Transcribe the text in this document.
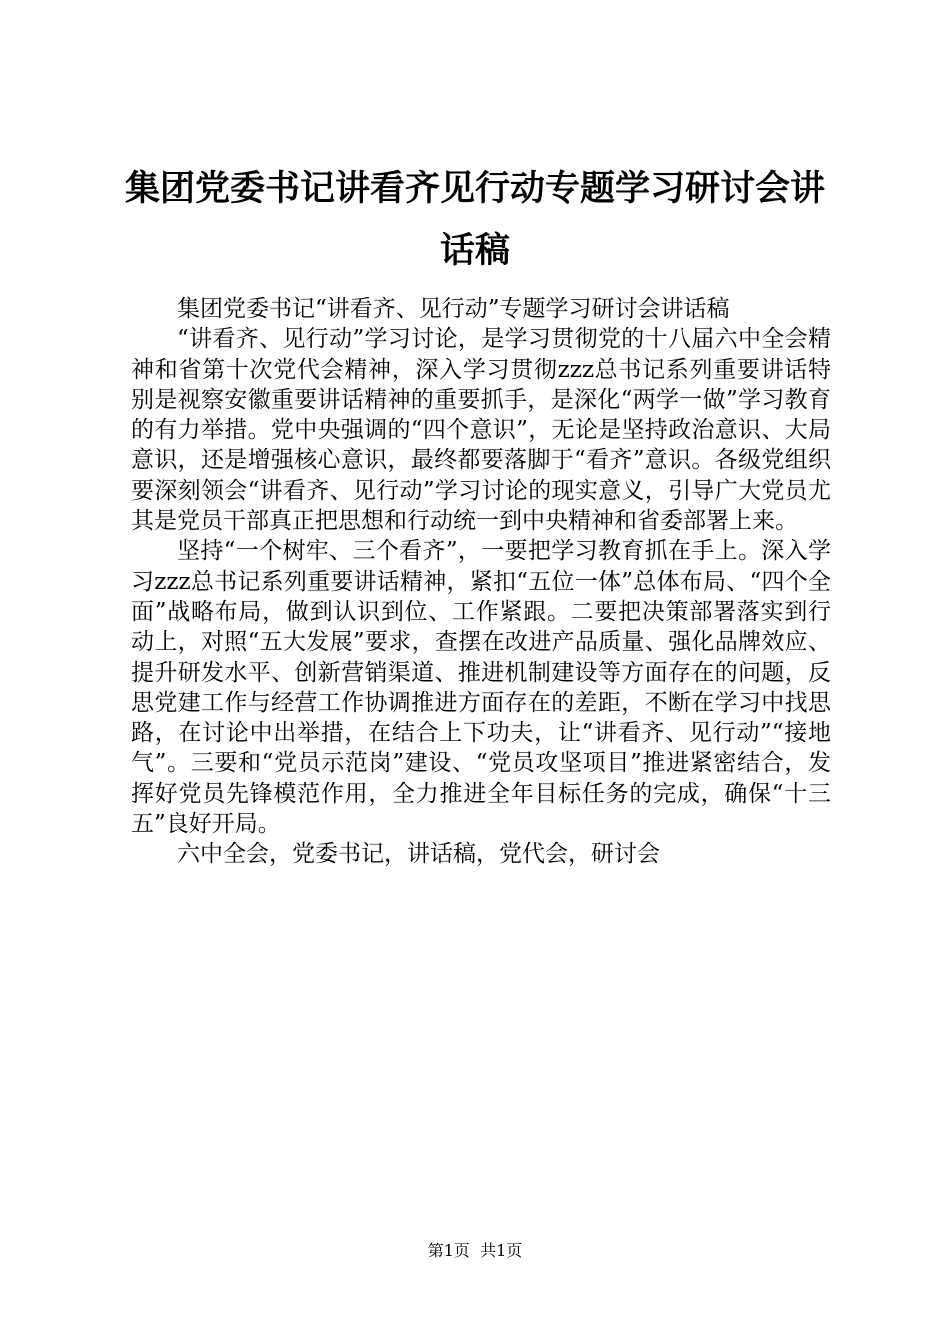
集团党委书记讲看齐见行动专题学习研讨会讲话稿

集团党委书记“讲看齐、见行动”专题学习研讨会讲话稿

“讲看齐、见行动”学习讨论，是学习贯彻党的十八届六中全会精神和省第十次党代会精神，深入学习贯彻zzz总书记系列重要讲话特别是视察安徽重要讲话精神的重要抓手，是深化“两学一做”学习教育的有力举措。党中央强调的“四个意识”，无论是坚持政治意识、大局意识，还是增强核心意识，最终都要落脚于“看齐”意识。各级党组织要深刻领会“讲看齐、见行动”学习讨论的现实意义，引导广大党员尤其是党员干部真正把思想和行动统一到中央精神和省委部署上来。

坚持“一个树牢、三个看齐”，一要把学习教育抓在手上。深入学习zzz总书记系列重要讲话精神，紧扣“五位一体”总体布局、“四个全面”战略布局，做到认识到位、工作紧跟。二要把决策部署落实到行动上，对照“五大发展”要求，查摆在改进产品质量、强化品牌效应、提升研发水平、创新营销渠道、推进机制建设等方面存在的问题，反思党建工作与经营工作协调推进方面存在的差距，不断在学习中找思路，在讨论中出举措，在结合上下功夫，让“讲看齐、见行动”“接地气”。三要和“党员示范岗”建设、“党员攻坚项目”推进紧密结合，发挥好党员先锋模范作用，全力推进全年目标任务的完成，确保“十三五”良好开局。

六中全会，党委书记，讲话稿，党代会，研讨会

第1页  共1页
